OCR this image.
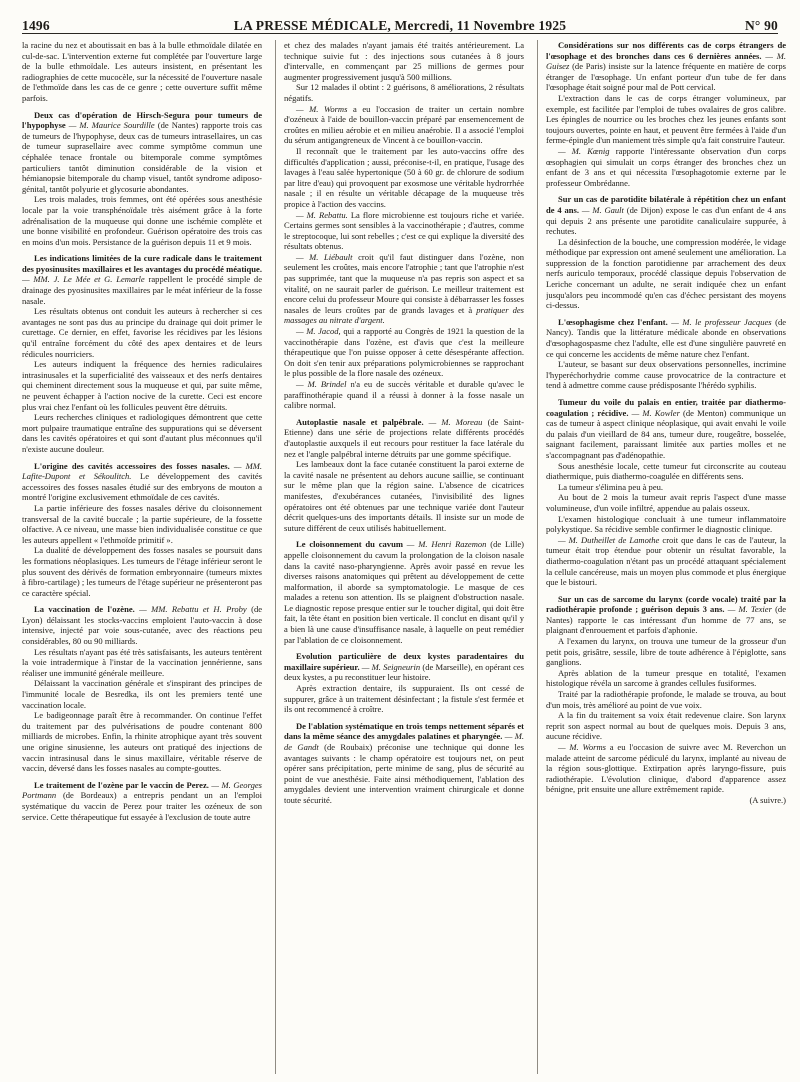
1496	LA PRESSE MÉDICALE, Mercredi, 11 Novembre 1925	N° 90

la racine du nez et aboutissait en bas à la bulle ethmoïdale dilatée en cul-de-sac. L'intervention externe fut complétée par l'ouverture large de la bulle ethmoïdale. Les auteurs insistent, en présentant les radiographies de cette mucocèle, sur la nécessité de l'ouverture nasale de l'ethmoïde dans les cas de ce genre ; cette ouverture suffit même parfois.

Deux cas d'opération de Hirsch-Segura pour tumeurs de l'hypophyse — M. Maurice Sourdille (de Nantes) rapporte trois cas de tumeurs de l'hypophyse, deux cas de tumeurs intrasellaires, un cas de tumeur suprasellaire avec comme symptôme commun une céphalée tenace frontale ou bitemporale comme symptômes particuliers tantôt diminution considérable de la vision et hémianopsie bitemporale du champ visuel, tantôt syndrome adiposo-génital, tantôt polyurie et glycosurie abondantes.

Les trois malades, trois femmes, ont été opérées sous anesthésie locale par la voie transphénoïdale très aisément grâce à la forte adrénalisation de la muqueuse qui donne une ischémie complète et une bonne visibilité en profondeur. Guérison opératoire des trois cas en moins d'un mois. Persistance de la guérison depuis 11 et 9 mois.

Les indications limitées de la cure radicale dans le traitement des pyosinusites maxillaires et les avantages du procédé méatique. — MM. J. Le Mée et G. Lemarle rappellent le procédé simple de drainage des pyosinusites maxillaires par le méat inférieur de la fosse nasale.

Les résultats obtenus ont conduit les auteurs à rechercher si ces avantages ne sont pas dus au principe du drainage qui doit primer le curettage. Ce dernier, en effet, favorise les récidives par les lésions qu'il entraîne forcément du côté des apex dentaires et de leurs rédicules nourriciers.

Les auteurs indiquent la fréquence des hernies radiculaires intrasinusales et la superficialité des vaisseaux et des nerfs dentaires qui cheminent directement sous la muqueuse et qui, par suite même, ne peuvent échapper à l'action nocive de la curette. Ceci est encore plus vrai chez l'enfant où les follicules peuvent être détruits.

Leurs recherches cliniques et radiologiques démontrent que cette mort pulpaire traumatique entraîne des suppurations qui se déversent dans les cavités opératoires et qui sont d'autant plus méconnues qu'il n'existe aucune douleur.

L'origine des cavités accessoires des fosses nasales. — MM. Lafite-Dupont et Sékoulitch. Le développement des cavités accessoires des fosses nasales étudié sur des embryons de mouton a montré l'origine exclusivement ethmoïdale de ces cavités.

La partie inférieure des fosses nasales dérive du cloisonnement transversal de la cavité buccale ; la partie supérieure, de la fossette olfactive. A ce niveau, une masse bien individualisée constitue ce que les auteurs appellent « l'ethmoïde primitif ».

La dualité de développement des fosses nasales se poursuit dans les formations néoplasiques. Les tumeurs de l'étage inférieur seront le plus souvent des dérivés de formation embryonnaire (tumeurs mixtes à fibro-cartilage) ; les tumeurs de l'étage supérieur ne présenteront pas ce caractère spécial.

La vaccination de l'ozène. — MM. Rebattu et H. Proby (de Lyon) délaissant les stocks-vaccins emploient l'auto-vaccin à dose intensive, injecté par voie sous-cutanée, avec des réactions peu considérables, 80 ou 90 milliards.

Les résultats n'ayant pas été très satisfaisants, les auteurs tentèrent la voie intradermique à l'instar de la vaccination jennérienne, sans réaliser une immunité générale meilleure.

Délaissant la vaccination générale et s'inspirant des principes de l'immunité locale de Besredka, ils ont les premiers tenté une vaccination locale.

Le badigeonnage paraît être à recommander. On continue l'effet du traitement par des pulvérisations de poudre contenant 800 milliards de microbes. Enfin, la rhinite atrophique ayant très souvent une origine sinusienne, les auteurs ont pratiqué des injections de vaccin intrasinusal dans le sinus maxillaire, véritable réserve de vaccin, déversé dans les fosses nasales au compte-gouttes.

Le traitement de l'ozène par le vaccin de Perez. — M. Georges Portmann (de Bordeaux) a entrepris pendant un an l'emploi systématique du vaccin de Perez pour traiter les ozéneux de son service. Cette thérapeutique fut essayée à l'exclusion de toute autre

et chez des malades n'ayant jamais été traités antérieurement. La technique suivie fut : des injections sous cutanées à 8 jours d'intervalle, en commençant par 25 millions de germes pour augmenter progressivement jusqu'à 500 millions.

Sur 12 malades il obtint : 2 guérisons, 8 améliorations, 2 résultats négatifs.

— M. Worms a eu l'occasion de traiter un certain nombre d'ozéneux à l'aide de bouillon-vaccin préparé par ensemencement de croûtes en milieu aérobie et en milieu anaérobie. Il a associé l'emploi du sérum antigangreneux de Vincent à ce bouillon-vaccin.

Il reconnaît que le traitement par les auto-vaccins offre des difficultés d'application ; aussi, préconise-t-il, en pratique, l'usage des lavages à l'eau salée hypertonique (50 à 60 gr. de chlorure de sodium par litre d'eau) qui provoquent par exosmose une véritable hydrorrhée nasale ; il en résulte un véritable décapage de la muqueuse très propice à l'action des vaccins.

— M. Rebattu. La flore microbienne est toujours riche et variée. Certains germes sont sensibles à la vaccinothérapie ; d'autres, comme le streptocoque, lui sont rebelles ; c'est ce qui explique la diversité des résultats obtenus.

— M. Liébault croit qu'il faut distinguer dans l'ozène, non seulement les croûtes, mais encore l'atrophie ; tant que l'atrophie n'est pas supprimée, tant que la muqueuse n'a pas repris son aspect et sa vitalité, on ne saurait parler de guérison. Le meilleur traitement est encore celui du professeur Moure qui consiste à débarrasser les fosses nasales de leurs croûtes par de grands lavages et à pratiquer des massages au nitrate d'argent.

— M. Jacod, qui a rapporté au Congrès de 1921 la question de la vaccinothérapie dans l'ozène, est d'avis que c'est la meilleure thérapeutique que l'on puisse opposer à cette désespérante affection. On doit s'en tenir aux préparations polymicrobiennes se rapprochant le plus possible de la flore nasale des ozéneux.

— M. Brindel n'a eu de succès véritable et durable qu'avec le paraffinothérapie quand il a réussi à donner à la fosse nasale un calibre normal.

Autoplastie nasale et palpébrale. — M. Moreau (de Saint-Etienne) dans une série de projections relate différents procédés d'autoplastie auxquels il eut recours pour restituer la face latérale du nez et l'angle palpébral interne détruits par une gomme spécifique.

Les lambeaux dont la face cutanée constituent la paroi externe de la cavité nasale ne présentent au dehors aucune saillie, se continuant sur le même plan que la région saine. L'absence de cicatrices manifestes, d'exubérances cutanées, l'invisibilité des lignes opératoires ont été obtenues par une technique variée dont l'auteur décrit quelques-uns des importants détails. Il insiste sur un mode de suture différent de ceux utilisés habituellement.

Le cloisonnement du cavum — M. Henri Razemon (de Lille) appelle cloisonnement du cavum la prolongation de la cloison nasale dans la cavité naso-pharyngienne. Après avoir passé en revue les diverses raisons anatomiques qui prêtent au développement de cette malformation, il aborde sa symptomatologie. Le masque de ces malades a retenu son attention. Ils se plaignent d'obstruction nasale. Le diagnostic repose presque entier sur le toucher digital, qui doit être fait, la tête étant en position bien verticale. Il conclut en disant qu'il y a bien là une cause d'insuffisance nasale, à laquelle on peut remédier par l'ablation de ce cloisonnement.

Evolution particulière de deux kystes paradentaires du maxillaire supérieur. — M. Seigneurin (de Marseille), en opérant ces deux kystes, a pu reconstituer leur histoire.

Après extraction dentaire, ils suppuraient. Ils ont cessé de suppurer, grâce à un traitement désinfectant ; la fistule s'est fermée et ils ont recommencé à croître.

De l'ablation systématique en trois temps nettement séparés et dans la même séance des amygdales palatines et pharyngée. — M. de Gandt (de Roubaix) préconise une technique qui donne les avantages suivants : le champ opératoire est toujours net, on peut opérer sans précipitation, perte minime de sang, plus de sécurité au point de vue anesthésie. Faite ainsi méthodiquement, l'ablation des amygdales devient une intervention vraiment chirurgicale et donne toute sécurité.

Considérations sur nos différents cas de corps étrangers de l'œsophage et des bronches dans ces 6 dernières années. — M. Guisez (de Paris) insiste sur la latence fréquente en matière de corps étranger de l'œsophage. Un enfant porteur d'un tube de fer dans l'œsophage était soigné pour mal de Pott cervical.

L'extraction dans le cas de corps étranger volumineux, par exemple, est facilitée par l'emploi de tubes ovalaires de gros calibre. Les épingles de nourrice ou les broches chez les jeunes enfants sont toujours ouvertes, pointe en haut, et peuvent être fermées à l'aide d'un ferme-épingle d'un maniement très simple qu'a fait construire l'auteur.

— M. Kœnig rapporte l'intéressante observation d'un corps œsophagien qui simulait un corps étranger des bronches chez un enfant de 3 ans et qui nécessita l'œsophagotomie externe par le professeur Ombrédanne.

Sur un cas de parotidite bilatérale à répétition chez un enfant de 4 ans. — M. Gault (de Dijon) expose le cas d'un enfant de 4 ans qui depuis 2 ans présente une parotidite canaliculaire suppurée, à rechutes.

La désinfection de la bouche, une compression modérée, le vidage méthodique par expression ont amené seulement une amélioration. La suppression de la fonction parotidienne par arrachement des deux nerfs auriculo temporaux, procédé classique depuis l'observation de Leriche concernant un adulte, ne serait indiquée chez un enfant jusqu'alors peu incommodé qu'en cas d'échec persistant des moyens ci-dessus.

L'œsophagisme chez l'enfant. — M. le professeur Jacques (de Nancy). Tandis que la littérature médicale abonde en observations d'œsophagospasme chez l'adulte, elle est d'une singulière pauvreté en ce qui concerne les accidents de même nature chez l'enfant.

L'auteur, se basant sur deux observations personnelles, incrimine l'hyperéchorhydrie comme cause provocatrice de la contracture et tend à admettre comme cause prédisposante l'hérédo syphilis.

Tumeur du voile du palais en entier, traitée par diathermo-coagulation ; récidive. — M. Kowler (de Menton) communique un cas de tumeur à aspect clinique néoplasique, qui avait envahi le voile du palais d'un vieillard de 84 ans, tumeur dure, rougeâtre, bosselée, saignant facilement, paraissant limitée aux parties molles et ne s'accompagnant pas d'adénopathie.

Sous anesthésie locale, cette tumeur fut circonscrite au couteau diathermique, puis diathermo-coagulée en différents sens.

La tumeur s'élimina peu à peu.

Au bout de 2 mois la tumeur avait repris l'aspect d'une masse volumineuse, d'un voile infiltré, appendue au palais osseux.

L'examen histologique concluait à une tumeur inflammatoire polykystique. Sa récidive semble confirmer le diagnostic clinique.

— M. Dutheillet de Lamothe croit que dans le cas de l'auteur, la tumeur était trop étendue pour obtenir un résultat favorable, la diathermo-coagulation n'étant pas un procédé attaquant spécialement la cellule cancéreuse, mais un moyen plus commode et plus énergique que le bistouri.

Sur un cas de sarcome du larynx (corde vocale) traité par la radiothérapie profonde ; guérison depuis 3 ans. — M. Texier (de Nantes) rapporte le cas intéressant d'un homme de 77 ans, se plaignant d'enrouement et parfois d'aphonie.

A l'examen du larynx, on trouva une tumeur de la grosseur d'un petit pois, grisâtre, sessile, libre de toute adhérence à l'épiglotte, sans ganglions.

Après ablation de la tumeur presque en totalité, l'examen histologique révéla un sarcome à grandes cellules fusiformes.

Traité par la radiothérapie profonde, le malade se trouva, au bout d'un mois, très amélioré au point de vue voix.

A la fin du traitement sa voix était redevenue claire. Son larynx reprit son aspect normal au bout de quelques mois. Depuis 3 ans, aucune récidive.

— M. Worms a eu l'occasion de suivre avec M. Reverchon un malade atteint de sarcome pédiculé du larynx, implanté au niveau de la région sous-glottique. Extirpation après laryngo-fissure, puis radiothérapie. L'évolution clinique, d'abord d'apparence assez bénigne, prit ensuite une allure extrêmement rapide.

(A suivre.)
